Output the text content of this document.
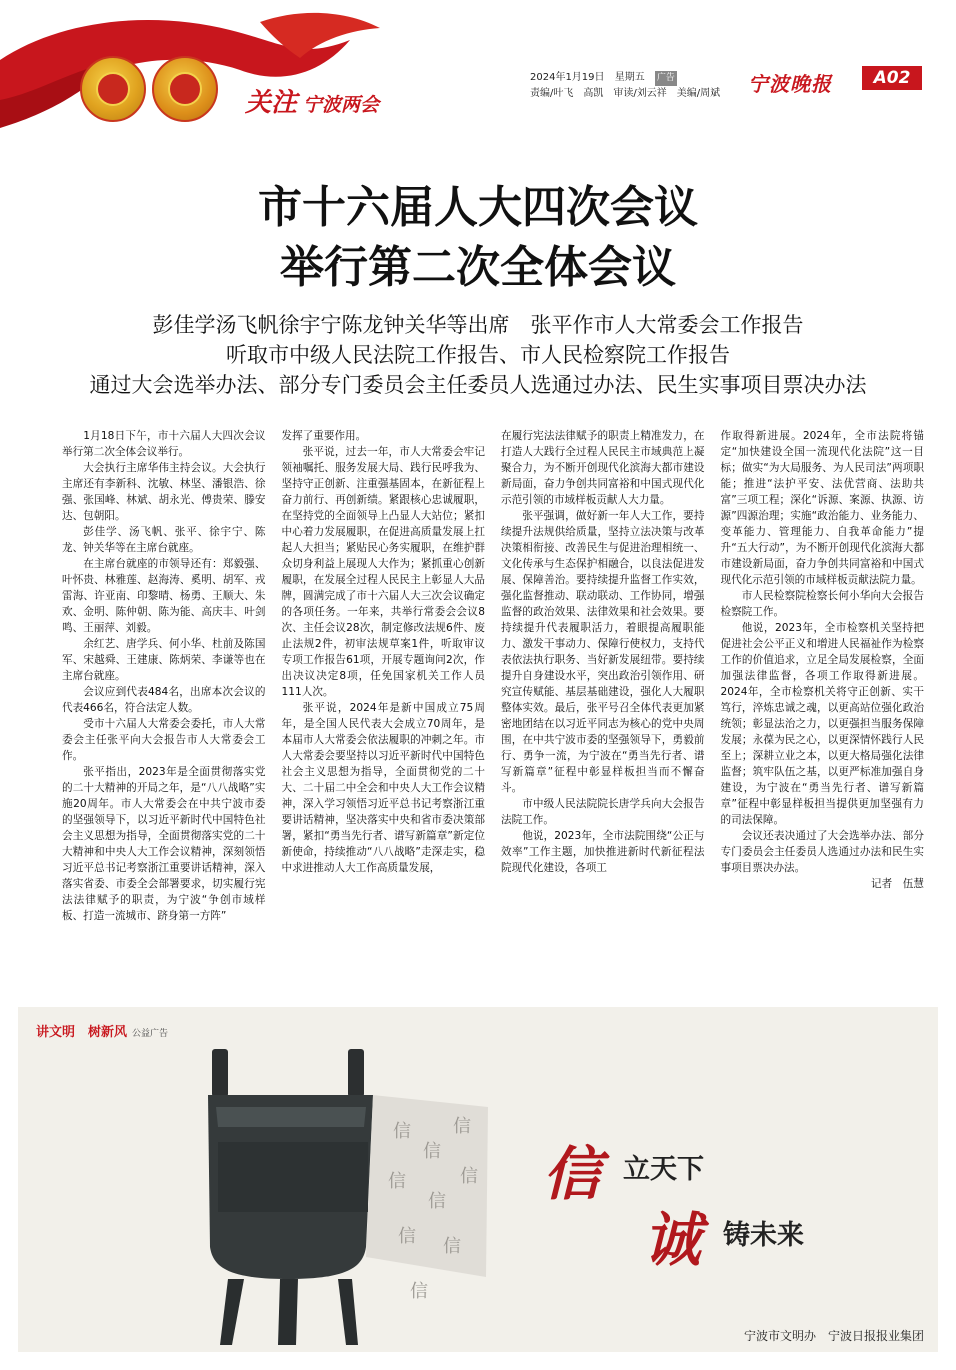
关注 宁波两会
2024年1月19日 星期五 广告
责编/叶飞　高凯　审读/刘云祥　美编/周斌 宁波晚报	A02
市十六届人大四次会议
举行第二次全体会议
彭佳学汤飞帆徐宇宁陈龙钟关华等出席　张平作市人大常委会工作报告
听取市中级人民法院工作报告、市人民检察院工作报告
通过大会选举办法、部分专门委员会主任委员人选通过办法、民生实事项目票决办法

1月18日下午，市十六届人大四次会议举行第二次全体会议举行。

大会执行主席华伟主持会议。大会执行主席还有李新科、沈敏、林坚、潘银浩、徐强、张国峰、林斌、胡永光、傅贵荣、滕安达、包朝阳。

彭佳学、汤飞帆、张平、徐宇宁、陈龙、钟关华等在主席台就座。

在主席台就座的市领导还有：郑毅强、叶怀贵、林雅莲、赵海涛、奚明、胡军、戎雷海、许亚南、印黎晴、杨勇、王顺大、朱欢、金明、陈仲朝、陈为能、高庆丰、叶剑鸣、王丽萍、刘毅。

余红艺、唐学兵、何小华、杜前及陈国军、宋越舜、王建康、陈炳荣、李谦等也在主席台就座。

会议应到代表484名，出席本次会议的代表466名，符合法定人数。

受市十六届人大常委会委托，市人大常委会主任张平向大会报告市人大常委会工作。

张平指出，2023年是全面贯彻落实党的二十大精神的开局之年，是“八八战略”实施20周年。市人大常委会在中共宁波市委的坚强领导下，以习近平新时代中国特色社会主义思想为指导，全面贯彻落实党的二十大精神和中央人大工作会议精神，深刻领悟习近平总书记考察浙江重要讲话精神，深入落实省委、市委全会部署要求，切实履行宪法法律赋予的职责，为宁波“争创市域样板、打造一流城市、跻身第一方阵”

发挥了重要作用。

张平说，过去一年，市人大常委会牢记领袖嘱托、服务发展大局、践行民呼我为、坚持守正创新、注重强基固本，在新征程上奋力前行、再创新绩。紧跟核心忠诚履职，在坚持党的全面领导上凸显人大站位；紧扣中心着力发展履职，在促进高质量发展上扛起人大担当；紧贴民心务实履职，在维护群众切身利益上展现人大作为；紧抓重心创新履职，在发展全过程人民民主上彰显人大品牌，圆满完成了市十六届人大三次会议确定的各项任务。一年来，共举行常委会会议8次、主任会议28次，制定修改法规6件、废止法规2件，初审法规草案1件，听取审议专项工作报告61项，开展专题询问2次，作出决议决定8项，任免国家机关工作人员111人次。

张平说，2024年是新中国成立75周年，是全国人民代表大会成立70周年，是本届市人大常委会依法履职的冲刺之年。市人大常委会要坚持以习近平新时代中国特色社会主义思想为指导，全面贯彻党的二十大、二十届二中全会和中央人大工作会议精神，深入学习领悟习近平总书记考察浙江重要讲话精神，坚决落实中央和省市委决策部署，紧扣“勇当先行者、谱写新篇章”新定位新使命，持续推动“八八战略”走深走实，稳中求进推动人大工作高质量发展，

在履行宪法法律赋予的职责上精准发力，在打造人大践行全过程人民民主市域典范上凝聚合力，为不断开创现代化滨海大都市建设新局面，奋力争创共同富裕和中国式现代化示范引领的市域样板贡献人大力量。

张平强调，做好新一年人大工作，要持续提升法规供给质量，坚持立法决策与改革决策相衔接、改善民生与促进治理相统一、文化传承与生态保护相融合，以良法促进发展、保障善治。要持续提升监督工作实效，强化监督推动、联动联动、工作协同，增强监督的政治效果、法律效果和社会效果。要持续提升代表履职活力，着眼提高履职能力、激发干事动力、保障行使权力，支持代表依法执行职务、当好新发展纽带。要持续提升自身建设水平，突出政治引领作用、研究宣传赋能、基层基础建设，强化人大履职整体实效。最后，张平号召全体代表更加紧密地团结在以习近平同志为核心的党中央周围，在中共宁波市委的坚强领导下，勇毅前行、勇争一流，为宁波在“勇当先行者、谱写新篇章”征程中彰显样板担当而不懈奋斗。

市中级人民法院院长唐学兵向大会报告法院工作。

他说，2023年，全市法院围绕“公正与效率”工作主题，加快推进新时代新征程法院现代化建设，各项工

作取得新进展。2024年，全市法院将锚定“加快建设全国一流现代化法院”这一目标；做实“为大局服务、为人民司法”两项职能；推进“法护平安、法优营商、法助共富”三项工程；深化“诉源、案源、执源、访源”四源治理；实施“政治能力、业务能力、变革能力、管理能力、自我革命能力”提升“五大行动”，为不断开创现代化滨海大都市建设新局面，奋力争创共同富裕和中国式现代化示范引领的市域样板贡献法院力量。

市人民检察院检察长何小华向大会报告检察院工作。

他说，2023年，全市检察机关坚持把促进社会公平正义和增进人民福祉作为检察工作的价值追求，立足全局发展检察，全面加强法律监督，各项工作取得新进展。2024年，全市检察机关将守正创新、实干笃行，淬炼忠诚之魂，以更高站位强化政治统领；彰显法治之力，以更强担当服务保障发展；永葆为民之心，以更深情怀践行人民至上；深耕立业之本，以更大格局强化法律监督；筑牢队伍之基，以更严标准加强自身建设，为宁波在“勇当先行者、谱写新篇章”征程中彰显样板担当提供更加坚强有力的司法保障。

会议还表决通过了大会选举办法、部分专门委员会主任委员人选通过办法和民生实事项目票决办法。

记者　伍慧
讲文明　树新风 公益广告
信
信
信
信
信
信
信 信
信
信 立天下
诚 铸未来
宁波市文明办　宁波日报报业集团
